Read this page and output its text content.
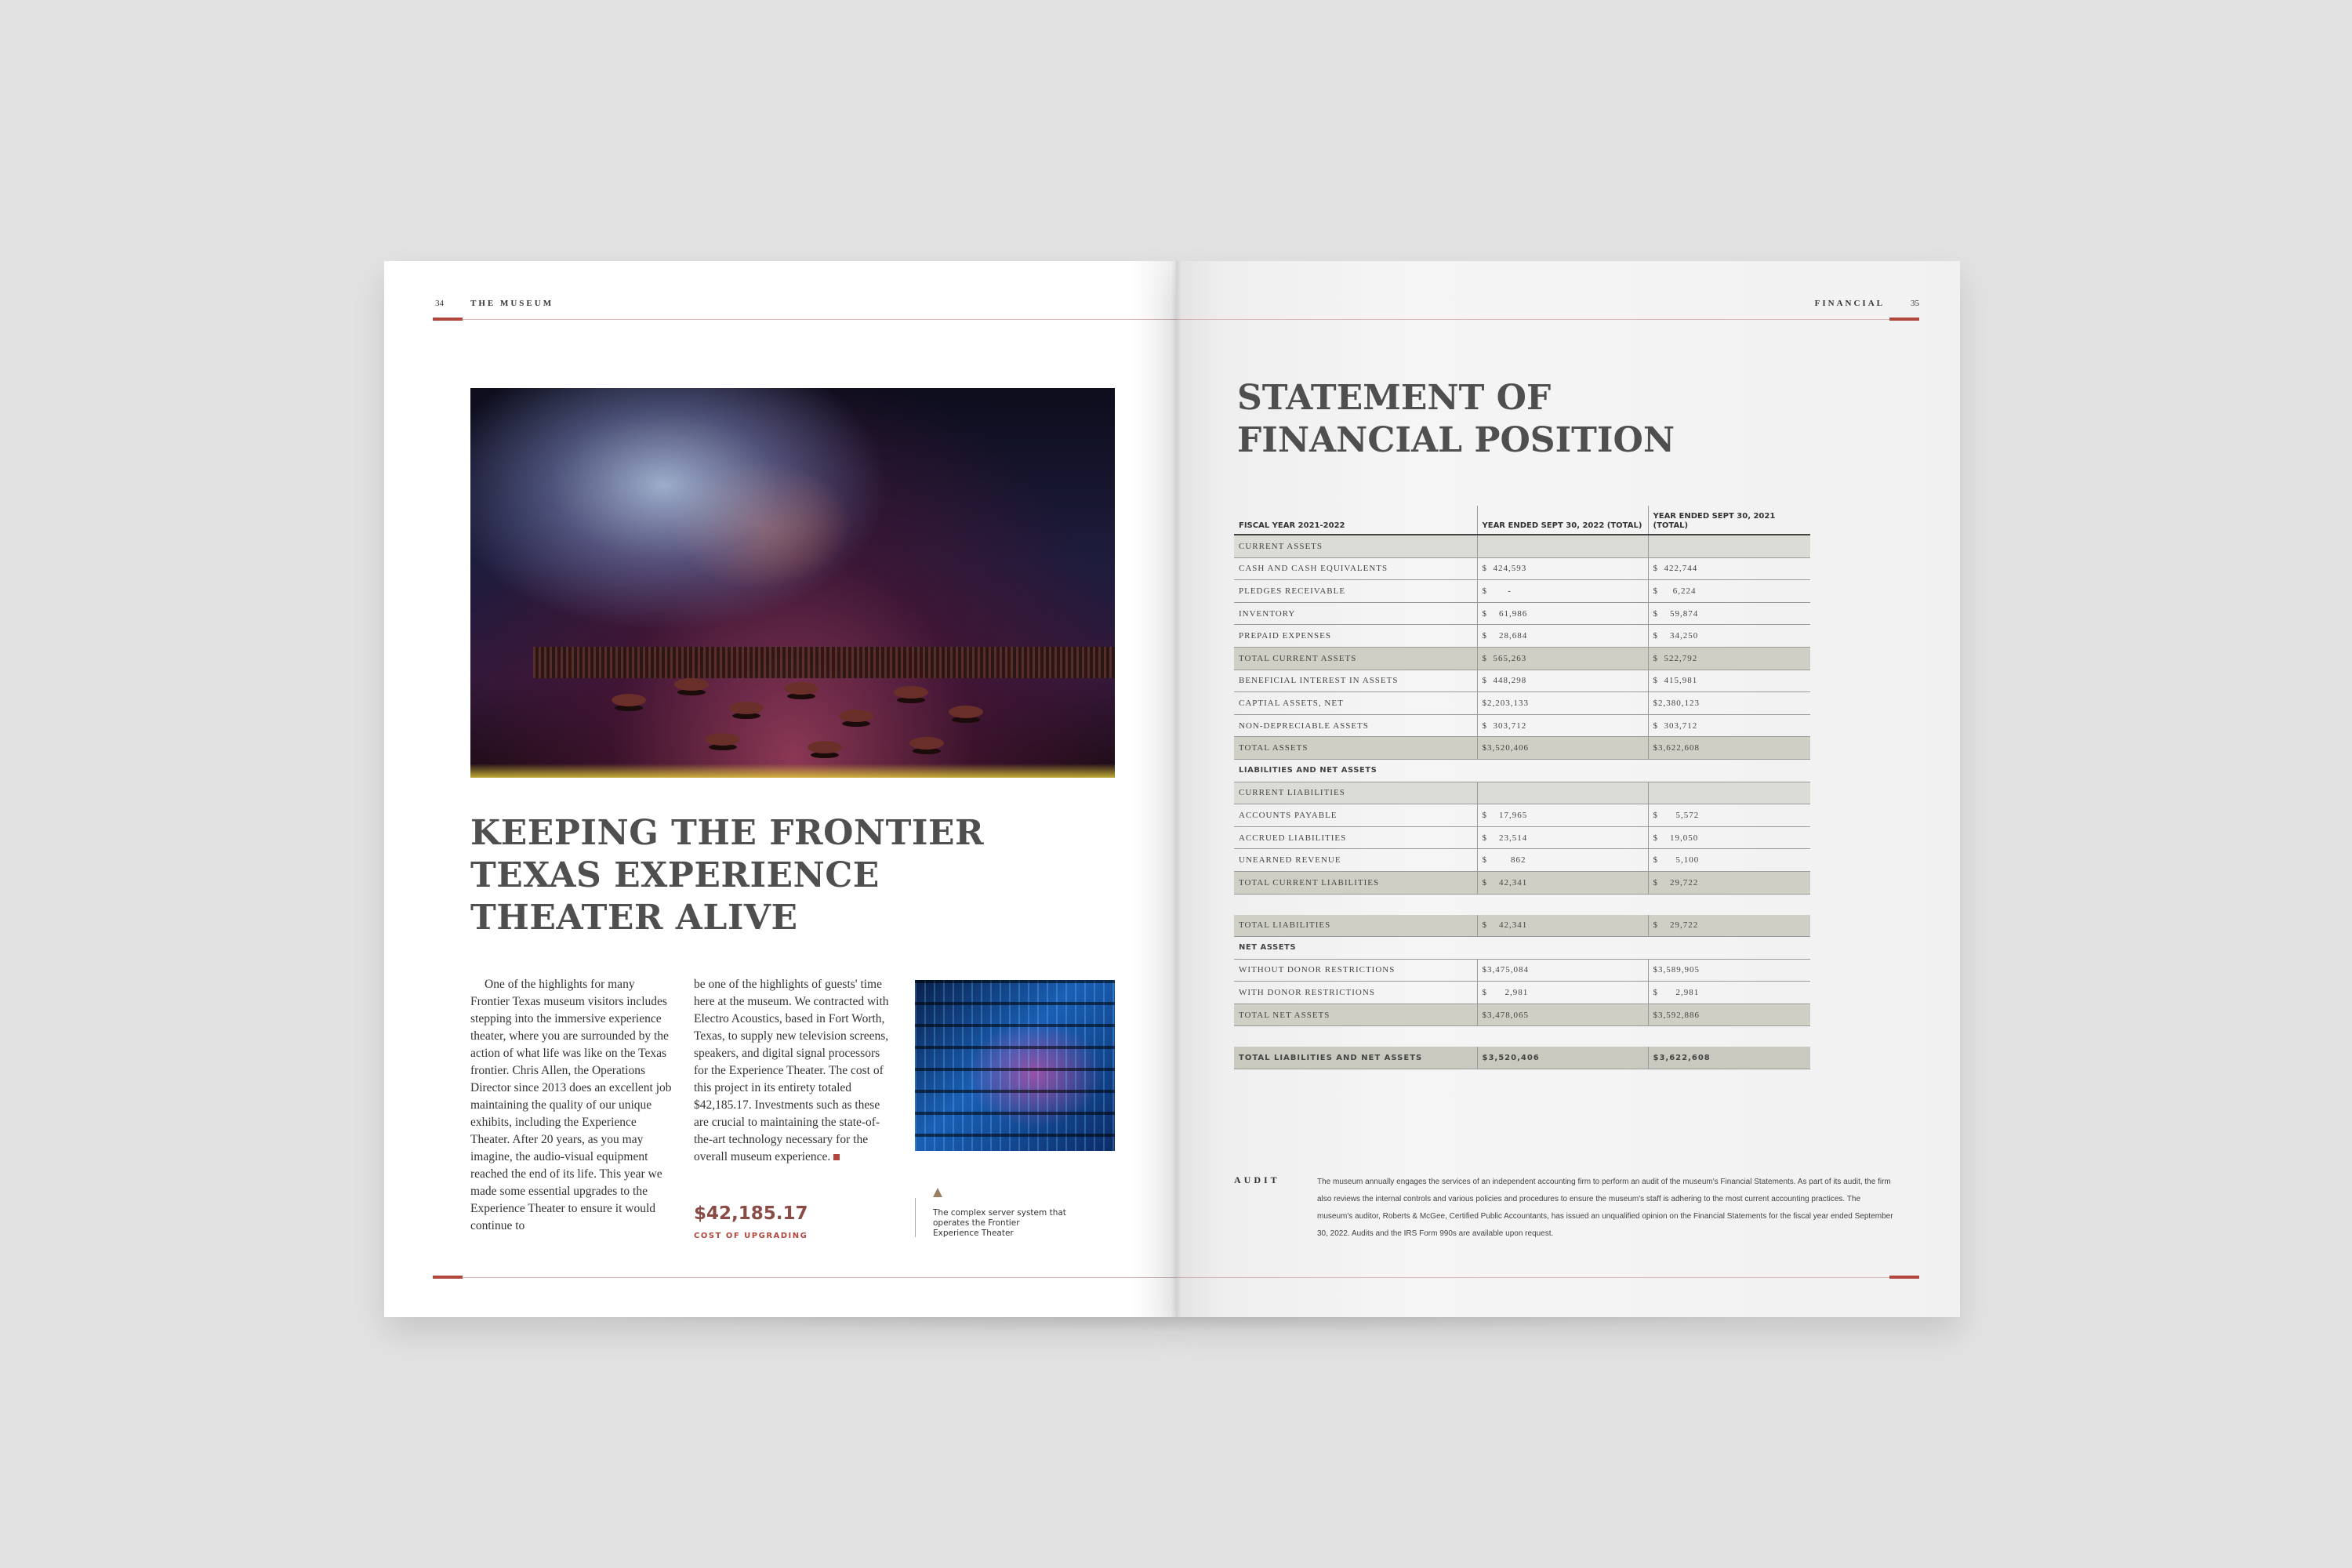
34	THE MUSEUM
KEEPING THE FRONTIER TEXAS EXPERIENCE THEATER ALIVE
One of the highlights for many Frontier Texas museum visitors includes stepping into the immersive experience theater, where you are surrounded by the action of what life was like on the Texas frontier. Chris Allen, the Operations Director since 2013 does an excellent job maintaining the quality of our unique exhibits, including the Experience Theater. After 20 years, as you may imagine, the audio-visual equipment reached the end of its life. This year we made some essential upgrades to the Experience Theater to ensure it would continue to
be one of the highlights of guests' time here at the museum. We contracted with Electro Acoustics, based in Fort Worth, Texas, to supply new television screens, speakers, and digital signal processors for the Experience Theater. The cost of this project in its entirety totaled $42,185.17. Investments such as these are crucial to maintaining the state-of-the-art technology necessary for the overall museum experience.
$42,185.17
COST OF UPGRADING
The complex server system that operates the Frontier Experience Theater
FINANCIAL	35
STATEMENT OF FINANCIAL POSITION
FISCAL YEAR 2021-2022	YEAR ENDED SEPT 30, 2022 (TOTAL)	YEAR ENDED SEPT 30, 2021 (TOTAL)
CURRENT ASSETS		
CASH AND CASH EQUIVALENTS	$  424,593	$  422,744
PLEDGES RECEIVABLE	$       -	$     6,224
INVENTORY	$    61,986	$    59,874
PREPAID EXPENSES	$    28,684	$    34,250
TOTAL CURRENT ASSETS	$  565,263	$  522,792
BENEFICIAL INTEREST IN ASSETS	$  448,298	$  415,981
CAPTIAL ASSETS, NET	$2,203,133	$2,380,123
NON-DEPRECIABLE ASSETS	$  303,712	$  303,712
TOTAL ASSETS	$3,520,406	$3,622,608
LIABILITIES AND NET ASSETS		
CURRENT LIABILITIES		
ACCOUNTS PAYABLE	$    17,965	$      5,572
ACCRUED LIABILITIES	$    23,514	$    19,050
UNEARNED REVENUE	$        862	$      5,100
TOTAL CURRENT LIABILITIES	$    42,341	$    29,722

TOTAL LIABILITIES	$    42,341	$    29,722
NET ASSETS		
WITHOUT DONOR RESTRICTIONS	$3,475,084	$3,589,905
WITH DONOR RESTRICTIONS	$      2,981	$      2,981
TOTAL NET ASSETS	$3,478,065	$3,592,886

TOTAL LIABILITIES AND NET ASSETS	$3,520,406	$3,622,608
AUDIT	The museum annually engages the services of an independent accounting firm to perform an audit of the museum's Financial Statements. As part of its audit, the firm also reviews the internal controls and various policies and procedures to ensure the museum's staff is adhering to the most current accounting practices. The museum's auditor, Roberts & McGee, Certified Public Accountants, has issued an unqualified opinion on the Financial Statements for the fiscal year ended September 30, 2022. Audits and the IRS Form 990s are available upon request.
